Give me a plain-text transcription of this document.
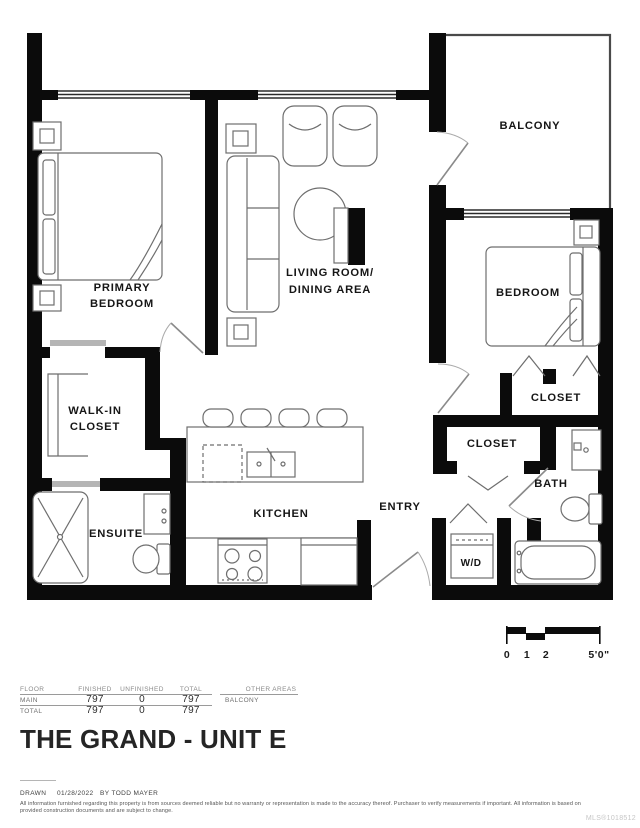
PRIMARY
BEDROOM
WALK-IN
CLOSET
ENSUITE
KITCHEN
LIVING ROOM/
DINING AREA
ENTRY
BALCONY
BEDROOM
CLOSET
CLOSET
BATH
W/D
0 1 2	5'0"
FLOOR	FINISHED	UNFINISHED	TOTAL	OTHER AREAS
MAIN	797	0	797	BALCONY
TOTAL	797	0	797
THE GRAND - UNIT E
DRAWN 01/28/2022 BY TODD MAYER
All information furnished regarding this property is from sources deemed reliable but no warranty or representation is made to the accuracy thereof. Purchaser to verify measurements if important. All information is based on
provided construction documents and are subject to change.
MLS®1018512
